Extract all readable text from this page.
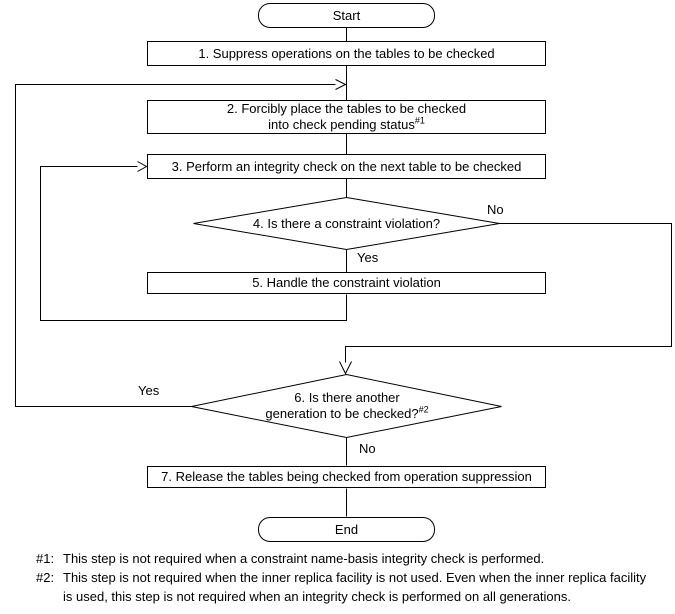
Start
1. Suppress operations on the tables to be checked
2. Forcibly place the tables to be checked
into check pending status$^{\#1}$
3. Perform an integrity check on the next table to be checked
4. Is there a constraint violation?
5. Handle the constraint violation
6. Is there another
generation to be checked?$^{\#2}$
7. Release the tables being checked from operation suppression
End
No
Yes
Yes
No
#1: This step is not required when a constraint name-basis integrity check is performed.
#2: This step is not required when the inner replica facility is not used. Even when the inner replica facility is used, this step is not required when an integrity check is performed on all generations.
